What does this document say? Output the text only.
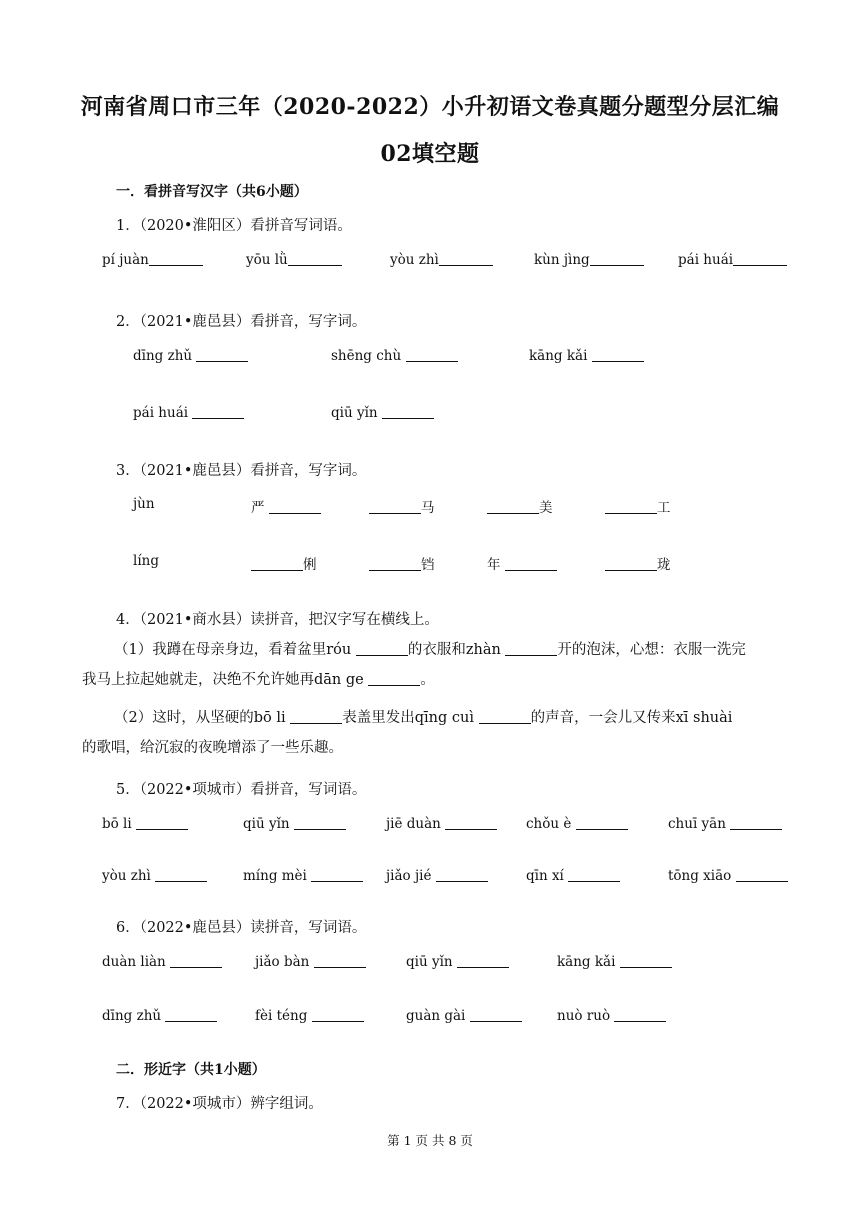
河南省周口市三年（2020-2022）小升初语文卷真题分题型分层汇编
02填空题
一．看拼音写汉字（共6小题）
1．（2020•淮阳区）看拼音写词语。
pí juàn	yōu lǜ	yòu zhì	kùn jìng	pái huái
2．（2021•鹿邑县）看拼音，写字词。
dīng zhǔ	shēng chù	kāng kǎi
pái huái	qiū yǐn
3．（2021•鹿邑县）看拼音，写字词。
jùn	严	马	美	工
líng	俐	铛	年	珑
4．（2021•商水县）读拼音，把汉字写在横线上。
（1）我蹲在母亲身边，看着盆里róu	的衣服和zhàn	开的泡沫，心想：衣服一洗完
我马上拉起她就走，决绝不允许她再dān ge	。
（2）这时，从坚硬的bō li	表盖里发出qīng cuì	的声音，一会儿又传来xī shuài
的歌唱，给沉寂的夜晚增添了一些乐趣。
5．（2022•项城市）看拼音，写词语。
bō li	qiū yǐn	jiē duàn	chǒu è	chuī yān
yòu zhì	míng mèi	jiǎo jié	qīn xí	tōng xiāo
6．（2022•鹿邑县）读拼音，写词语。
duàn liàn	jiǎo bàn	qiū yǐn	kāng kǎi
dīng zhǔ	fèi téng	guàn gài	nuò ruò
二．形近字（共1小题）
7．（2022•项城市）辨字组词。
第 1 页 共 8 页
